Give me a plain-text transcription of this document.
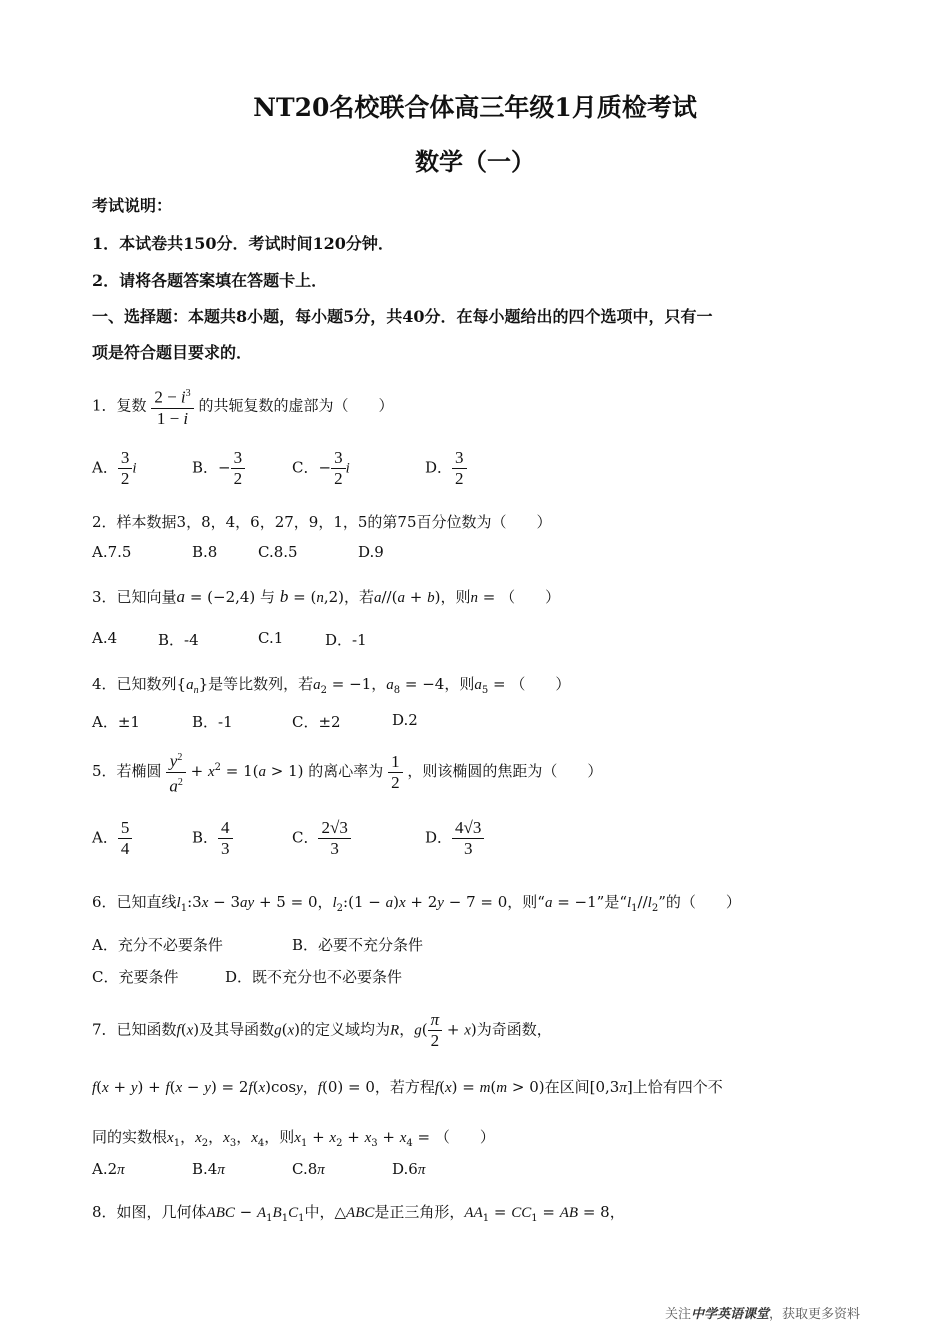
NT20名校联合体高三年级1月质检考试
数学（一）
考试说明：
1．本试卷共150分．考试时间120分钟．
2．请将各题答案填在答题卡上．
一、选择题：本题共8小题，每小题5分，共40分．在每小题给出的四个选项中，只有一
项是符合题目要求的．
1．复数 $\frac{2 - i^3}{1 - i}$ 的共轭复数的虚部为（　　）
A． $\frac{3}{2}$ i	B．− $\frac{3}{2}$	C．− $\frac{3}{2}$ i	D． $\frac{3}{2}$
2．样本数据3，8，4，6，27，9，1，5的第75百分位数为（　　）
A.7.5	B.8	C.8.5	D.9
3．已知向量a = (−2,4) 与 b = (n,2)，若a//(a + b)，则n = （　　）
A.4	B．-4	C.1	D．-1
4．已知数列$\{a_n\}$是等比数列，若$a_2 = -1$，$a_8 = -4$，则$a_5$ = （　　）
A．±1	B．-1	C．±2	D.2
5．若椭圆 $\frac{y^2}{a^2} + x^2 = 1(a > 1)$ 的离心率为 $\frac{1}{2}$ ，则该椭圆的焦距为（　　）
A． $\frac{5}{4}$	B． $\frac{4}{3}$	C． $\frac{2√3}{3}$	D． $\frac{4√3}{3}$
6．已知直线$l_1:3x - 3ay + 5 = 0$，$l_2:(1 - a)x + 2y - 7 = 0$，则“a = −1”是“$l_1//l_2$”的（　　）
A．充分不必要条件	B．必要不充分条件
C．充要条件	D．既不充分也不必要条件
7．已知函数f(x)及其导函数g(x)的定义域均为R，$g( \frac{\pi}{2} + x)$为奇函数，
f(x + y) + f(x − y) = 2f(x)cosy，f(0) = 0，若方程f(x) = m(m > 0)在区间[0,3π]上恰有四个不
同的实数根$x_1$，$x_2$，$x_3$，$x_4$，则$x_1 + x_2 + x_3 + x_4$ = （　　）
A.2π	B.4π	C.8π	D.6π
8．如图，几何体ABC − $A_1B_1C_1$中，△ABC是正三角形，$AA_1 = CC_1$ = AB = 8，
关注中学英语课堂，获取更多资料
